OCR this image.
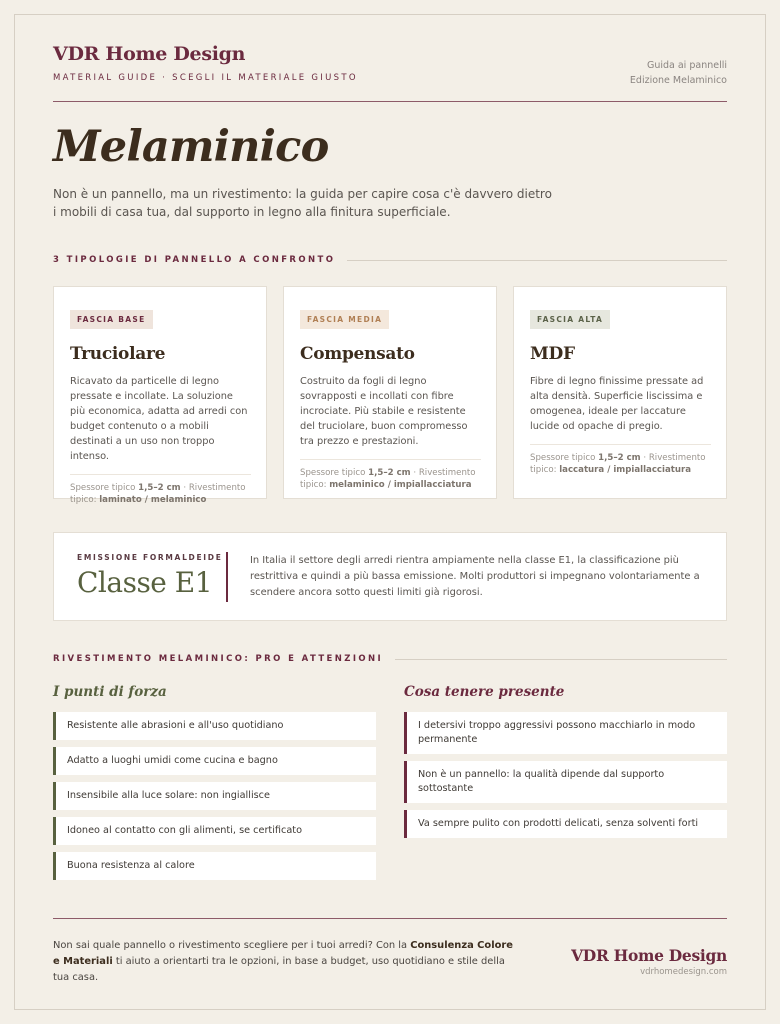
VDR Home Design
MATERIAL GUIDE · SCEGLI IL MATERIALE GIUSTO
Guida ai pannelli
Edizione Melaminico
Melaminico

Non è un pannello, ma un rivestimento: la guida per capire cosa c'è davvero dietro i mobili di casa tua, dal supporto in legno alla finitura superficiale.

3 TIPOLOGIE DI PANNELLO A CONFRONTO
FASCIA BASE
Truciolare
Ricavato da particelle di legno pressate e incollate. La soluzione più economica, adatta ad arredi con budget contenuto o a mobili destinati a un uso non troppo intenso.
Spessore tipico 1,5–2 cm · Rivestimento tipico: laminato / melaminico
FASCIA MEDIA
Compensato
Costruito da fogli di legno sovrapposti e incollati con fibre incrociate. Più stabile e resistente del truciolare, buon compromesso tra prezzo e prestazioni.
Spessore tipico 1,5–2 cm · Rivestimento tipico: melaminico / impiallacciatura
FASCIA ALTA
MDF
Fibre di legno finissime pressate ad alta densità. Superficie liscissima e omogenea, ideale per laccature lucide od opache di pregio.
Spessore tipico 1,5–2 cm · Rivestimento tipico: laccatura / impiallacciatura
EMISSIONE FORMALDEIDE
Classe E1
In Italia il settore degli arredi rientra ampiamente nella classe E1, la classificazione più restrittiva e quindi a più bassa emissione. Molti produttori si impegnano volontariamente a scendere ancora sotto questi limiti già rigorosi.
RIVESTIMENTO MELAMINICO: PRO E ATTENZIONI
I punti di forza
Resistente alle abrasioni e all'uso quotidiano
Adatto a luoghi umidi come cucina e bagno
Insensibile alla luce solare: non ingiallisce
Idoneo al contatto con gli alimenti, se certificato
Buona resistenza al calore
Cosa tenere presente
I detersivi troppo aggressivi possono macchiarlo in modo permanente
Non è un pannello: la qualità dipende dal supporto sottostante
Va sempre pulito con prodotti delicati, senza solventi forti

Non sai quale pannello o rivestimento scegliere per i tuoi arredi? Con la Consulenza Colore e Materiali ti aiuto a orientarti tra le opzioni, in base a budget, uso quotidiano e stile della tua casa.

VDR Home Design
vdrhomedesign.com
